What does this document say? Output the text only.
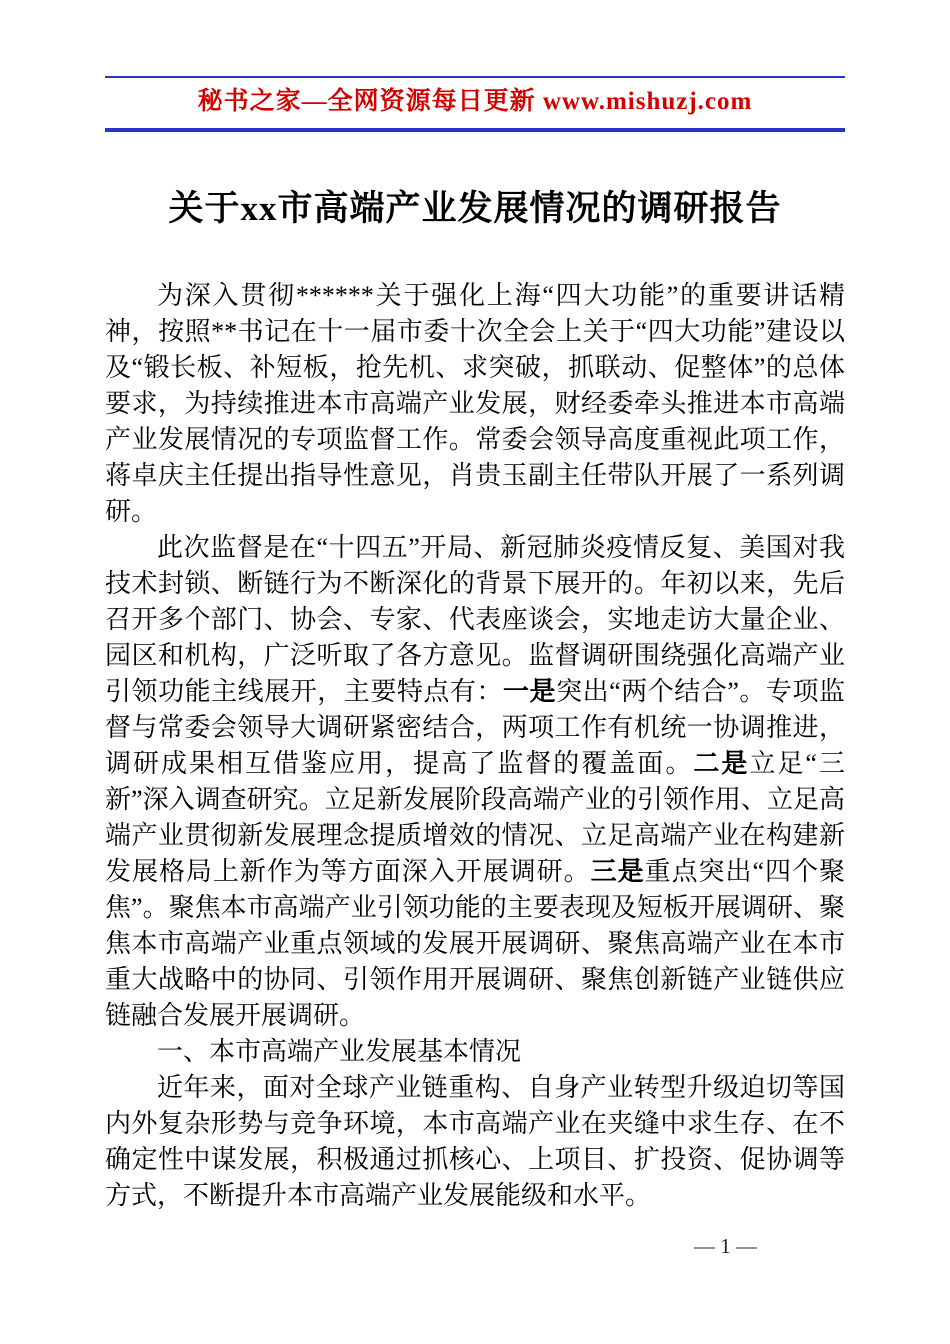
秘书之家—全网资源每日更新 www.mishuzj.com
关于xx市高端产业发展情况的调研报告

为深入贯彻******关于强化上海“四大功能”的重要讲话精神，按照**书记在十一届市委十次全会上关于“四大功能”建设以及“锻长板、补短板，抢先机、求突破，抓联动、促整体”的总体要求，为持续推进本市高端产业发展，财经委牵头推进本市高端产业发展情况的专项监督工作。常委会领导高度重视此项工作，蒋卓庆主任提出指导性意见，肖贵玉副主任带队开展了一系列调研。

此次监督是在“十四五”开局、新冠肺炎疫情反复、美国对我技术封锁、断链行为不断深化的背景下展开的。年初以来，先后召开多个部门、协会、专家、代表座谈会，实地走访大量企业、园区和机构，广泛听取了各方意见。监督调研围绕强化高端产业引领功能主线展开，主要特点有：一是突出“两个结合”。专项监督与常委会领导大调研紧密结合，两项工作有机统一协调推进，调研成果相互借鉴应用，提高了监督的覆盖面。二是立足“三新”深入调查研究。立足新发展阶段高端产业的引领作用、立足高端产业贯彻新发展理念提质增效的情况、立足高端产业在构建新发展格局上新作为等方面深入开展调研。三是重点突出“四个聚焦”。聚焦本市高端产业引领功能的主要表现及短板开展调研、聚焦本市高端产业重点领域的发展开展调研、聚焦高端产业在本市重大战略中的协同、引领作用开展调研、聚焦创新链产业链供应链融合发展开展调研。

一、本市高端产业发展基本情况

近年来，面对全球产业链重构、自身产业转型升级迫切等国内外复杂形势与竞争环境，本市高端产业在夹缝中求生存、在不确定性中谋发展，积极通过抓核心、上项目、扩投资、促协调等方式，不断提升本市高端产业发展能级和水平。

— 1 —
